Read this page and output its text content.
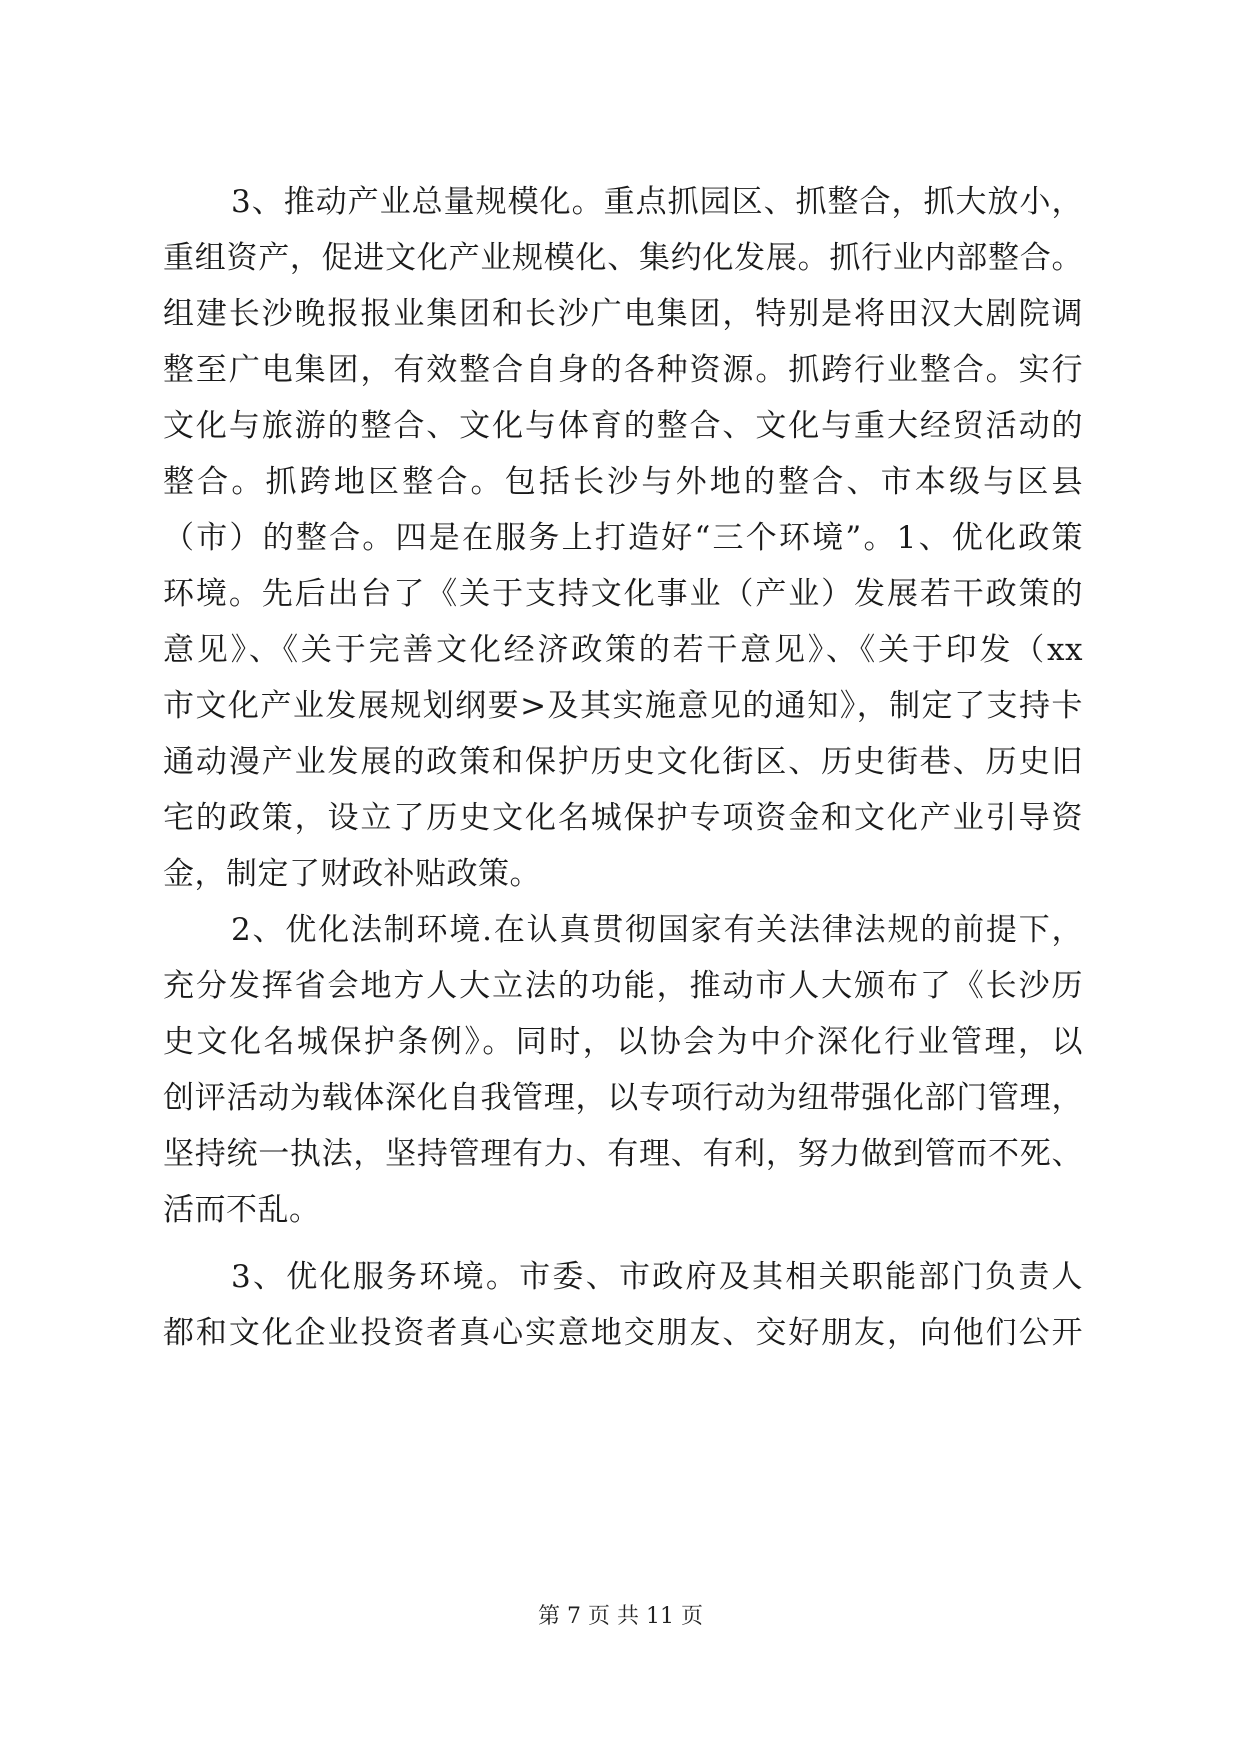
3、推动产业总量规模化。重点抓园区、抓整合，抓大放小，
重组资产，促进文化产业规模化、集约化发展。抓行业内部整合。
组建长沙晚报报业集团和长沙广电集团，特别是将田汉大剧院调
整至广电集团，有效整合自身的各种资源。抓跨行业整合。实行
文化与旅游的整合、文化与体育的整合、文化与重大经贸活动的
整合。抓跨地区整合。包括长沙与外地的整合、市本级与区县
（市）的整合。四是在服务上打造好“三个环境”。1、优化政策
环境。先后出台了《关于支持文化事业（产业）发展若干政策的
意见》、《关于完善文化经济政策的若干意见》、《关于印发（xx
市文化产业发展规划纲要>及其实施意见的通知》，制定了支持卡
通动漫产业发展的政策和保护历史文化街区、历史街巷、历史旧
宅的政策，设立了历史文化名城保护专项资金和文化产业引导资
金，制定了财政补贴政策。
2、优化法制环境.在认真贯彻国家有关法律法规的前提下，
充分发挥省会地方人大立法的功能，推动市人大颁布了《长沙历
史文化名城保护条例》。同时，以协会为中介深化行业管理，以
创评活动为载体深化自我管理，以专项行动为纽带强化部门管理，
坚持统一执法，坚持管理有力、有理、有利，努力做到管而不死、
活而不乱。
3、优化服务环境。市委、市政府及其相关职能部门负责人
都和文化企业投资者真心实意地交朋友、交好朋友，向他们公开
第 7 页 共 11 页
